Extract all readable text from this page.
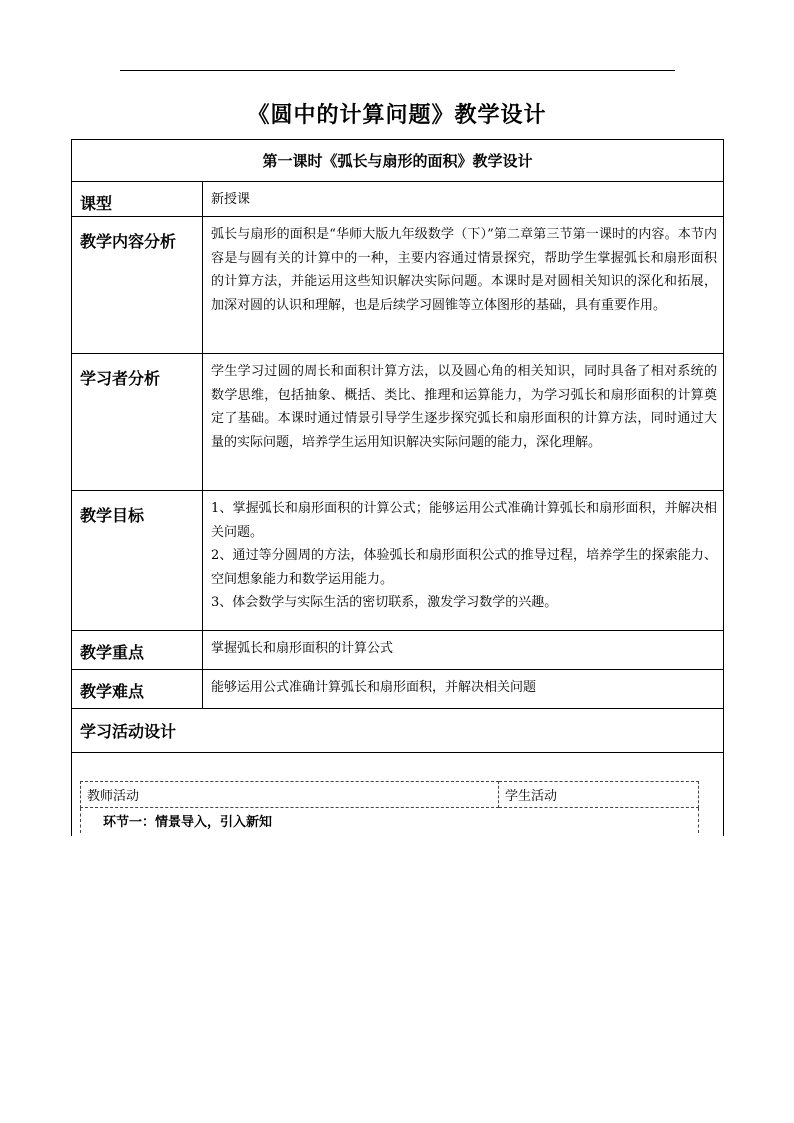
《圆中的计算问题》教学设计
第一课时《弧长与扇形的面积》教学设计
课型	新授课

教学内容分析	弧长与扇形的面积是“华师大版九年级数学（下）”第二章第三节第一课时的内容。本节内容是与圆有关的计算中的一种，主要内容通过情景探究，帮助学生掌握弧长和扇形面积的计算方法，并能运用这些知识解决实际问题。本课时是对圆相关知识的深化和拓展，加深对圆的认识和理解，也是后续学习圆锥等立体图形的基础，具有重要作用。

学习者分析	学生学习过圆的周长和面积计算方法，以及圆心角的相关知识，同时具备了相对系统的数学思维，包括抽象、概括、类比、推理和运算能力，为学习弧长和扇形面积的计算奠定了基础。本课时通过情景引导学生逐步探究弧长和扇形面积的计算方法，同时通过大量的实际问题，培养学生运用知识解决实际问题的能力，深化理解。

教学目标	1、掌握弧长和扇形面积的计算公式；能够运用公式准确计算弧长和扇形面积，并解决相关问题。

2、通过等分圆周的方法，体验弧长和扇形面积公式的推导过程，培养学生的探索能力、空间想象能力和数学运用能力。

3、体会数学与实际生活的密切联系，激发学习数学的兴趣。

教学重点	掌握弧长和扇形面积的计算公式

教学难点	能够运用公式准确计算弧长和扇形面积，并解决相关问题

学习活动设计

教师活动	学生活动
环节一：情景导入，引入新知
